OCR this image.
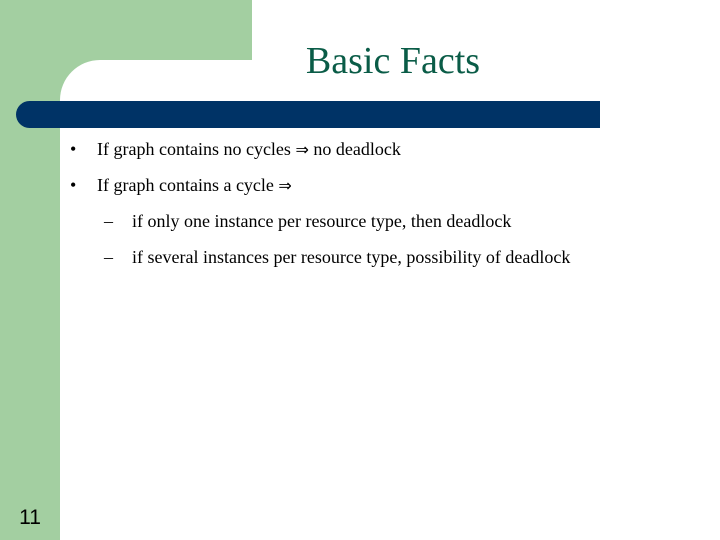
Basic Facts
• If graph contains no cycles ⇒ no deadlock
• If graph contains a cycle ⇒
– if only one instance per resource type, then deadlock
– if several instances per resource type, possibility of deadlock
11
